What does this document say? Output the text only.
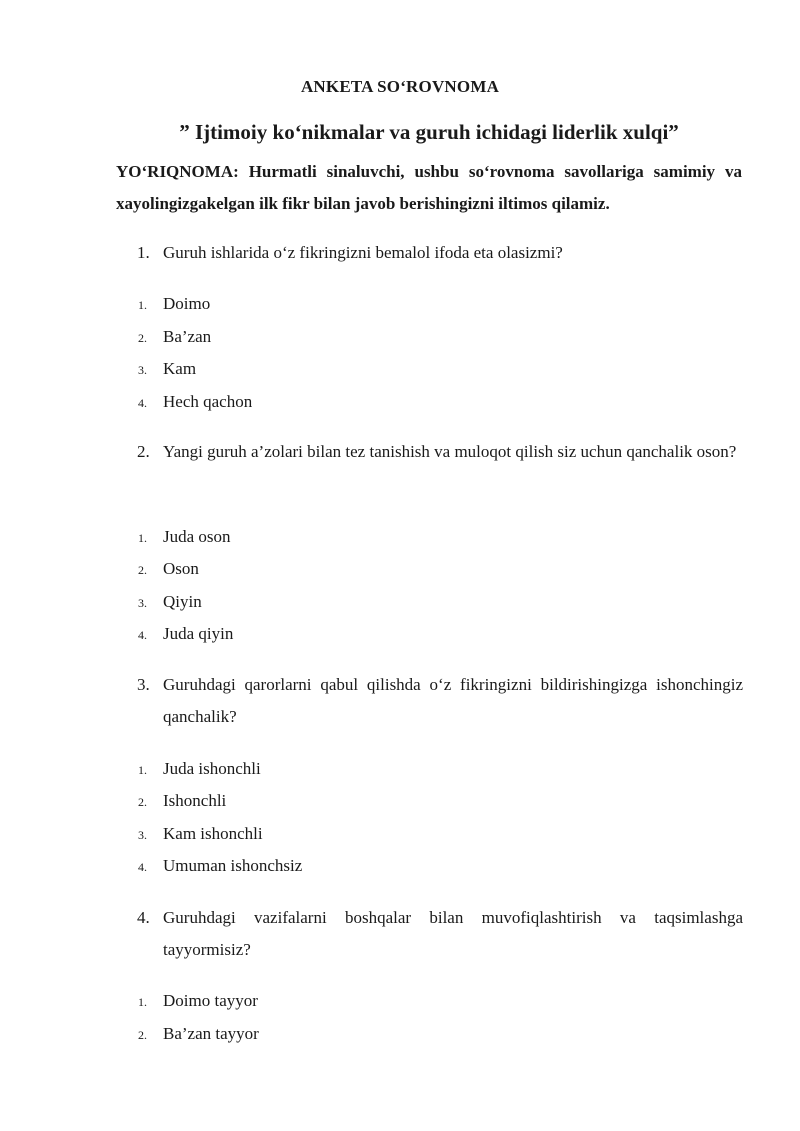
ANKETA SO‘ROVNOMA
” Ijtimoiy ko‘nikmalar va guruh ichidagi liderlik xulqi”
YO‘RIQNOMA: Hurmatli sinaluvchi, ushbu so‘rovnoma savollariga samimiy va xayolingizgakelgan ilk fikr bilan javob berishingizni iltimos qilamiz.
1. Guruh ishlarida o‘z fikringizni bemalol ifoda eta olasizmi?
1. Doimo
2. Ba’zan
3. Kam
4. Hech qachon
2. Yangi guruh a’zolari bilan tez tanishish va muloqot qilish siz uchun qanchalik oson?
1. Juda oson
2. Oson
3. Qiyin
4. Juda qiyin
3. Guruhdagi qarorlarni qabul qilishda o‘z fikringizni bildirishingizga ishonchingiz qanchalik?
1. Juda ishonchli
2. Ishonchli
3. Kam ishonchli
4. Umuman ishonchsiz
4. Guruhdagi vazifalarni boshqalar bilan muvofiqlashtirish va taqsimlashga tayyormisiz?
1. Doimo tayyor
2. Ba’zan tayyor
